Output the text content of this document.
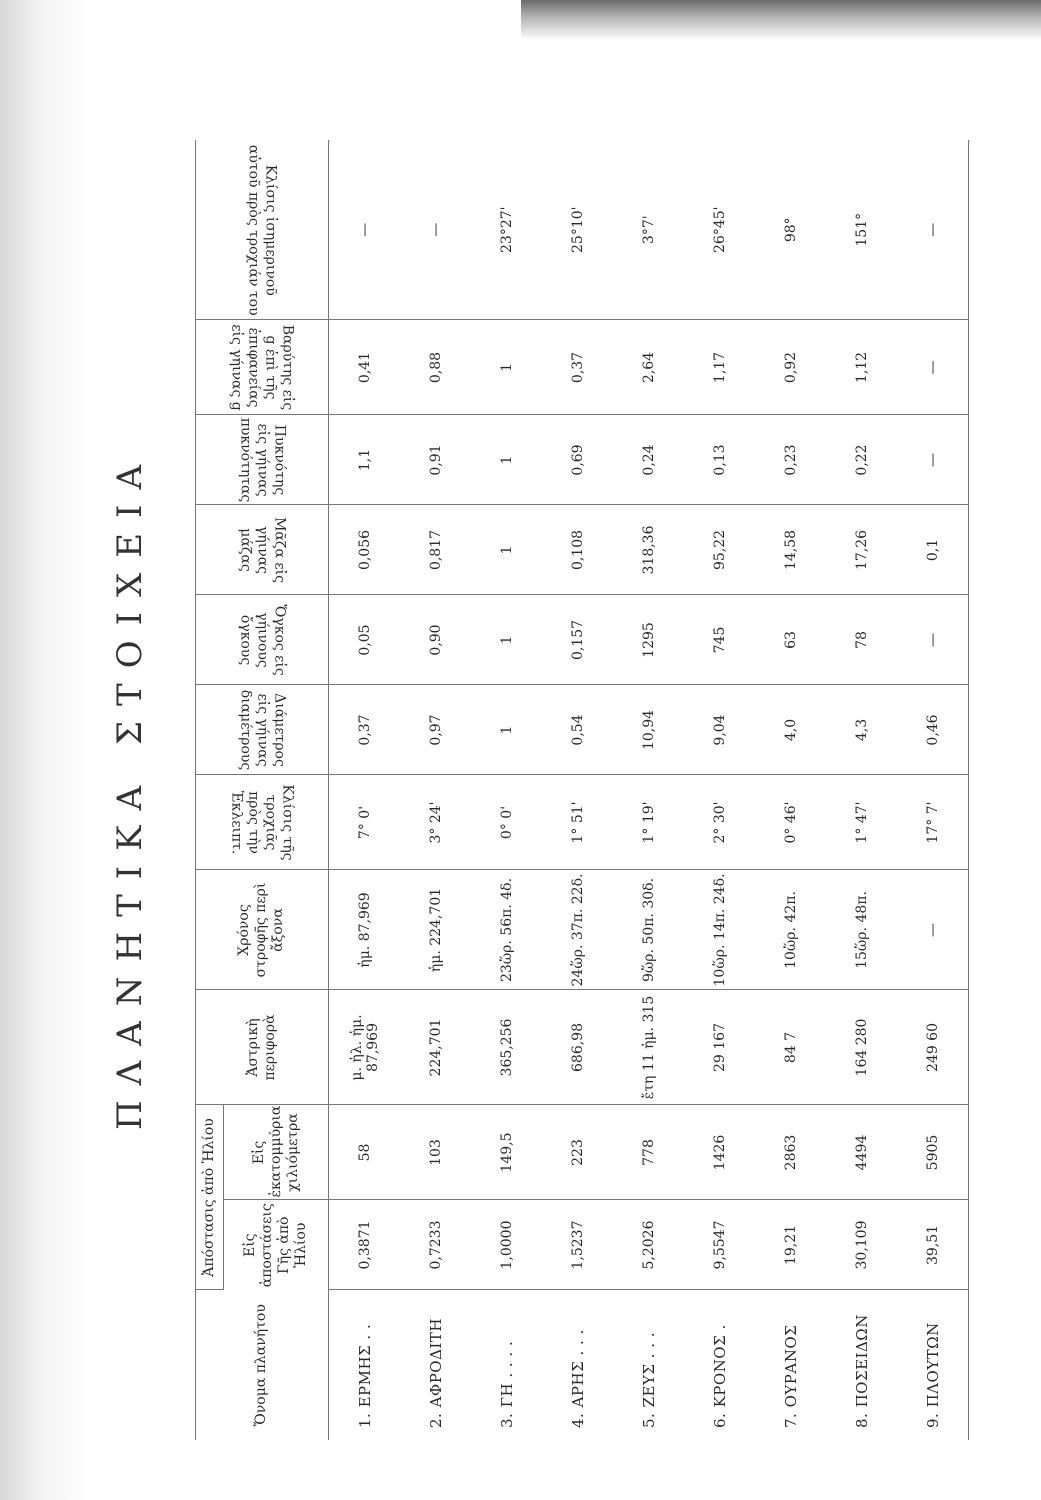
ΠΛΑΝΗΤΙΚΑ ΣΤΟΙΧΕΙΑ
Ὄνομα πλανήτου	Ἀπόστασις ἀπὸ Ἡλίου		Ἀστρικὴ περιφορὰ	Χρόνος στροφῆς περὶ ἄξονα	Κλίσις τῆς τροχιᾶς πρὸς τὴν Ἐκλειπτ.	Διάμετρος εἰς γήινας διαμέτρους	Ὄγκος εἰς γήινους ὄγκους	Μᾶζα εἰς γήινας μάζας	Πυκνότης εἰς γήινας πυκνότητας	Βαρύτης εἰς g ἐπὶ τῆς ἐπιφανείας εἰς γήινας g	Κλίσις ἰσημερινοῦ αὐτοῦ πρὸς τροχιάν του
	Εἰς ἀποστάσεις Γῆς ἀπὸ Ἡλίου	Εἰς ἑκατομμύρια χιλιόμετρα									
1. ΕΡΜΗΣ . .	0,3871	58	μ. ἡλ. ἡμ. 87,969	ἡμ. 87,969	7° 0'	0,37	0,05	0,056	1,1	0,41	—
2. ΑΦΡΟΔΙΤΗ	0,7233	103	224,701	ἡμ. 224,701	3° 24'	0,97	0,90	0,817	0,91	0,88	—
3. ΓΗ . . . .	1,0000	149,5	365,256	23ὥρ. 56π. 4δ.	0° 0'	1	1	1	1	1	23°27'
4. ΑΡΗΣ . . .	1,5237	223	686,98	24ὥρ. 37π. 22δ.	1° 51'	0,54	0,157	0,108	0,69	0,37	25°10'
5. ΖΕΥΣ . . .	5,2026	778	ἔτη 11 ἡμ. 315	9ὥρ. 50π. 30δ.	1° 19'	10,94	1295	318,36	0,24	2,64	3°7'
6. ΚΡΟΝΟΣ .	9,5547	1426	29 167	10ὥρ. 14π. 24δ.	2° 30'	9,04	745	95,22	0,13	1,17	26°45'
7. ΟΥΡΑΝΟΣ	19,21	2863	84 7	10ὥρ. 42π.	0° 46'	4,0	63	14,58	0,23	0,92	98°
8. ΠΟΣΕΙΔΩΝ	30,109	4494	164 280	15ὥρ. 48π.	1° 47'	4,3	78	17,26	0,22	1,12	151°
9. ΠΛΟΥΤΩΝ	39,51	5905	249 60	—	17° 7'	0,46	—	0,1	—	—	—
